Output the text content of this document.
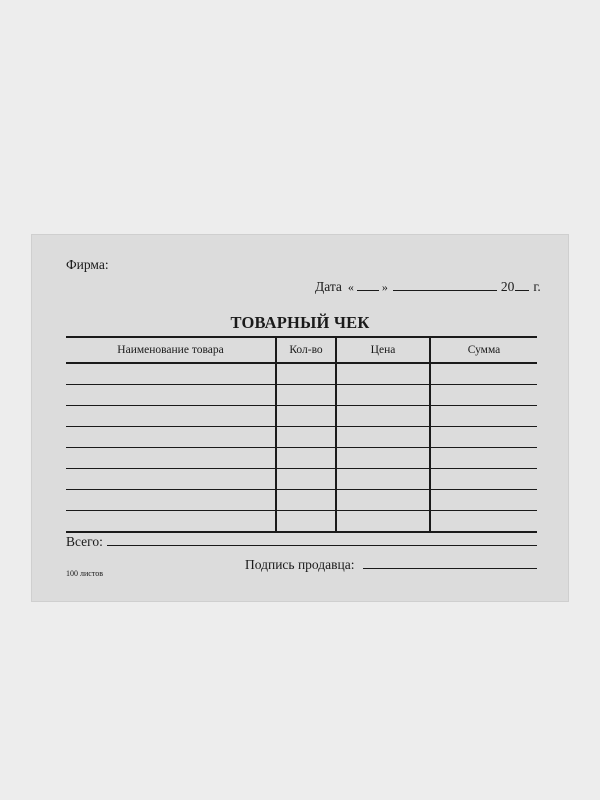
Фирма:
Дата « »	20 г.
ТОВАРНЫЙ ЧЕК
Наименование товара	Кол-во	Цена	Сумма

Всего:
100 листов
Подпись продавца:
